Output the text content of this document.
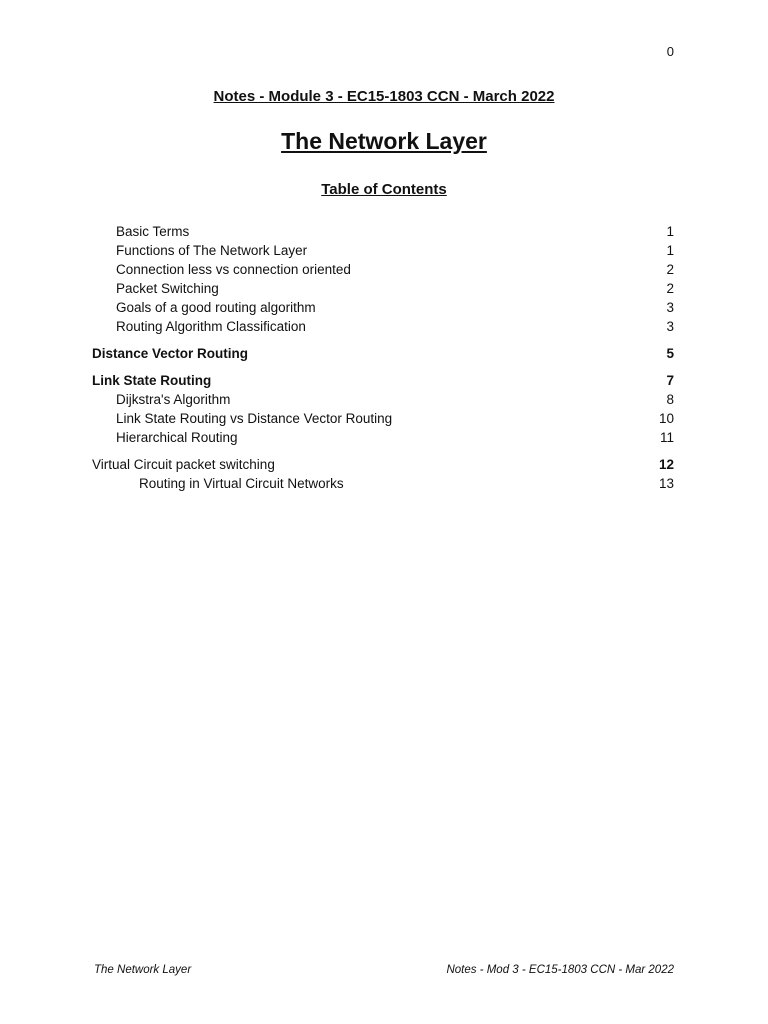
0
Notes - Module 3 - EC15-1803 CCN - March 2022
The Network Layer
Table of Contents
Basic Terms	1
Functions of The Network Layer	1
Connection less vs connection oriented	2
Packet Switching	2
Goals of a good routing algorithm	3
Routing Algorithm Classification	3
Distance Vector Routing	5
Link State Routing	7
Dijkstra's Algorithm	8
Link State Routing vs Distance Vector Routing	10
Hierarchical Routing	11
Virtual Circuit packet switching	12
Routing in Virtual Circuit Networks	13
The Network Layer	Notes - Mod 3 - EC15-1803 CCN - Mar 2022
